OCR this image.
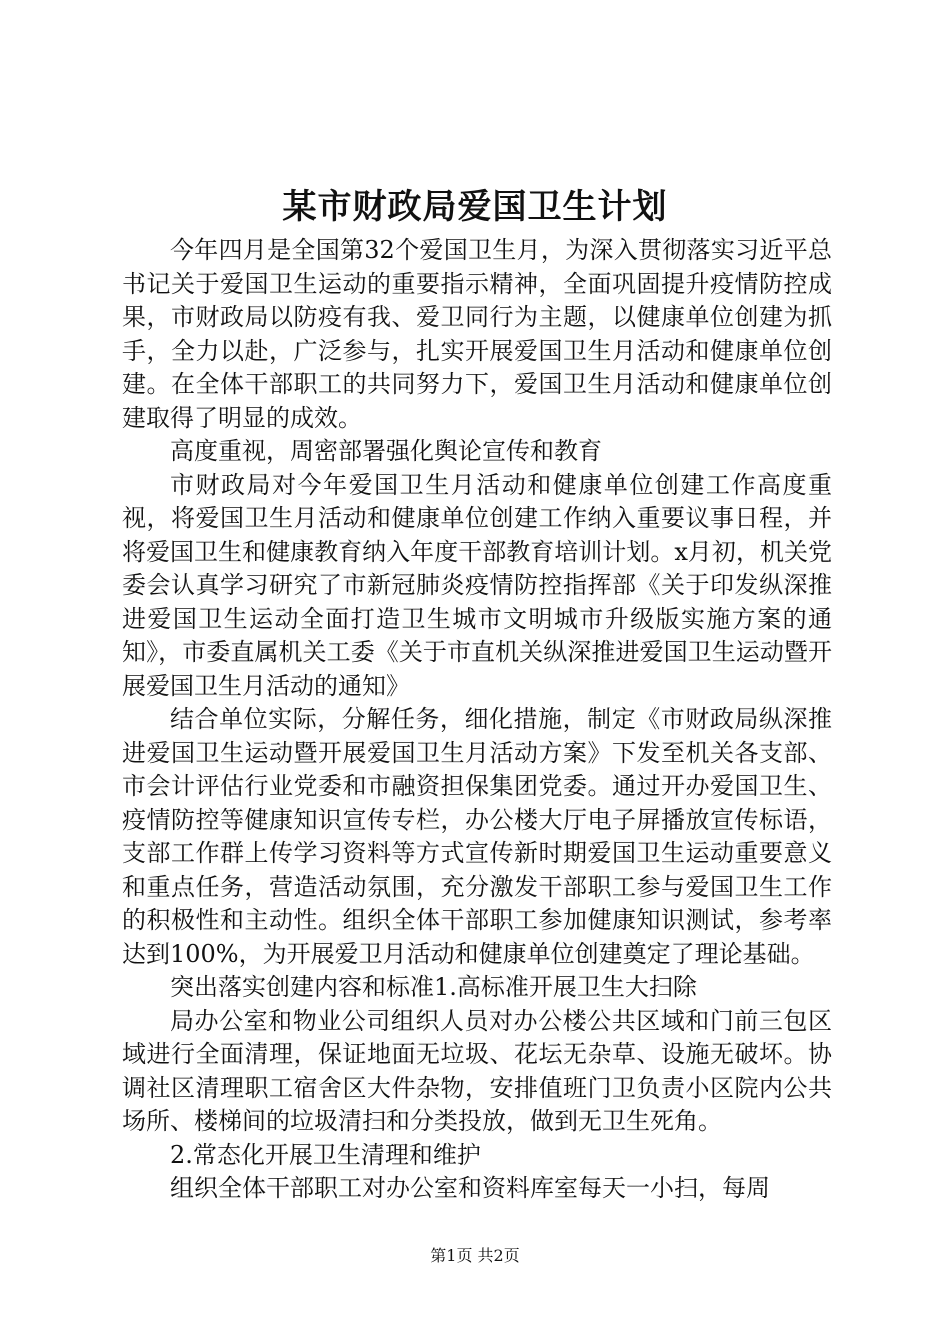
某市财政局爱国卫生计划

今年四月是全国第32个爱国卫生月，为深入贯彻落实习近平总书记关于爱国卫生运动的重要指示精神，全面巩固提升疫情防控成果，市财政局以防疫有我、爱卫同行为主题，以健康单位创建为抓手，全力以赴，广泛参与，扎实开展爱国卫生月活动和健康单位创建。在全体干部职工的共同努力下，爱国卫生月活动和健康单位创建取得了明显的成效。

高度重视，周密部署强化舆论宣传和教育

市财政局对今年爱国卫生月活动和健康单位创建工作高度重视，将爱国卫生月活动和健康单位创建工作纳入重要议事日程，并将爱国卫生和健康教育纳入年度干部教育培训计划。x月初，机关党委会认真学习研究了市新冠肺炎疫情防控指挥部《关于印发纵深推进爱国卫生运动全面打造卫生城市文明城市升级版实施方案的通知》，市委直属机关工委《关于市直机关纵深推进爱国卫生运动暨开展爱国卫生月活动的通知》

结合单位实际，分解任务，细化措施，制定《市财政局纵深推进爱国卫生运动暨开展爱国卫生月活动方案》下发至机关各支部、市会计评估行业党委和市融资担保集团党委。通过开办爱国卫生、疫情防控等健康知识宣传专栏，办公楼大厅电子屏播放宣传标语，支部工作群上传学习资料等方式宣传新时期爱国卫生运动重要意义和重点任务，营造活动氛围，充分激发干部职工参与爱国卫生工作的积极性和主动性。组织全体干部职工参加健康知识测试，参考率达到100%，为开展爱卫月活动和健康单位创建奠定了理论基础。

突出落实创建内容和标准1.高标准开展卫生大扫除

局办公室和物业公司组织人员对办公楼公共区域和门前三包区域进行全面清理，保证地面无垃圾、花坛无杂草、设施无破坏。协调社区清理职工宿舍区大件杂物，安排值班门卫负责小区院内公共场所、楼梯间的垃圾清扫和分类投放，做到无卫生死角。

2.常态化开展卫生清理和维护

组织全体干部职工对办公室和资料库室每天一小扫，每周

第1页 共2页
